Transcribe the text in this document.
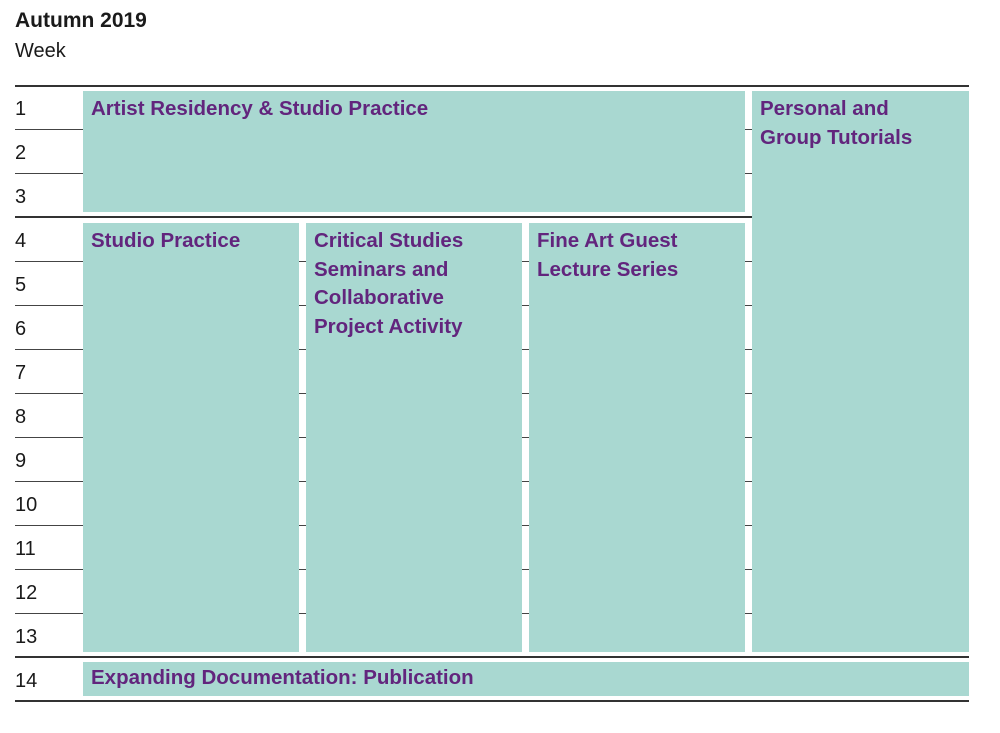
Autumn 2019
Week
1
2
3
4
5
6
7
8
9
10
11
12
13
14
Artist Residency & Studio Practice	Personal and Group Tutorials
Studio Practice	Critical Studies Seminars and Collaborative Project Activity
Fine Art Guest Lecture Series
Expanding Documentation: Publication
